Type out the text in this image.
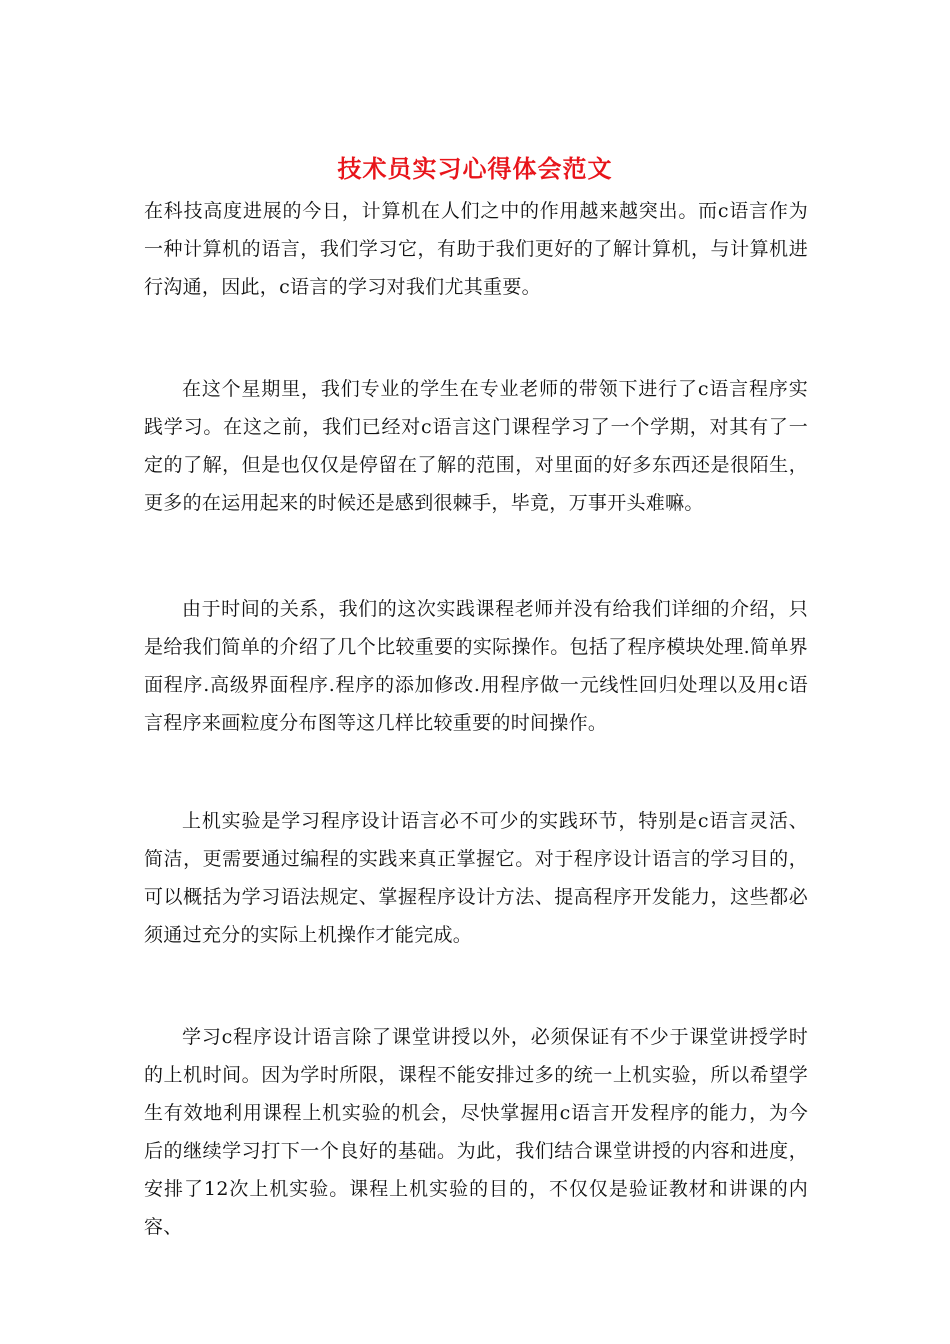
技术员实习心得体会范文
在科技高度进展的今日，计算机在人们之中的作用越来越突出。而c语言作为一种计算机的语言，我们学习它，有助于我们更好的了解计算机，与计算机进行沟通，因此，c语言的学习对我们尤其重要。
在这个星期里，我们专业的学生在专业老师的带领下进行了c语言程序实践学习。在这之前，我们已经对c语言这门课程学习了一个学期，对其有了一定的了解，但是也仅仅是停留在了解的范围，对里面的好多东西还是很陌生，更多的在运用起来的时候还是感到很棘手，毕竟，万事开头难嘛。
由于时间的关系，我们的这次实践课程老师并没有给我们详细的介绍，只是给我们简单的介绍了几个比较重要的实际操作。包括了程序模块处理.简单界面程序.高级界面程序.程序的添加修改.用程序做一元线性回归处理以及用c语言程序来画粒度分布图等这几样比较重要的时间操作。
上机实验是学习程序设计语言必不可少的实践环节，特别是c语言灵活、简洁，更需要通过编程的实践来真正掌握它。对于程序设计语言的学习目的，可以概括为学习语法规定、掌握程序设计方法、提高程序开发能力，这些都必须通过充分的实际上机操作才能完成。
学习c程序设计语言除了课堂讲授以外，必须保证有不少于课堂讲授学时的上机时间。因为学时所限，课程不能安排过多的统一上机实验，所以希望学生有效地利用课程上机实验的机会，尽快掌握用c语言开发程序的能力，为今后的继续学习打下一个良好的基础。为此，我们结合课堂讲授的内容和进度，安排了12次上机实验。课程上机实验的目的，不仅仅是验证教材和讲课的内容、
